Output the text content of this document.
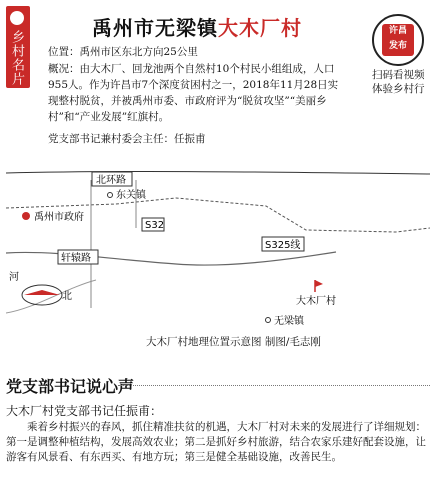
乡村名片
禹州市无梁镇大木厂村

位置：禹州市区东北方向25公里

概况：由大木厂、回龙池两个自然村10个村民小组组成，人口955人。作为许昌市7个深度贫困村之一，2018年11月28日实现整村脱贫，并被禹州市委、市政府评为“脱贫攻坚”“美丽乡村”和“产业发展”红旗村。

党支部书记兼村委会主任：任振甫

许昌
发布
扫码看视频体验乡村行
北环路
东关镇
S32
禹州市政府
S325线
轩辕路
河
北	大木厂村
无梁镇
大木厂村地理位置示意图 制图/毛志刚
党支部书记说心声
大木厂村党支部书记任振甫：

乘着乡村振兴的春风，抓住精准扶贫的机遇，大木厂村对未来的发展进行了详细规划：第一是调整种植结构，发展高效农业；第二是抓好乡村旅游，结合农家乐建好配套设施，让游客有风景看、有东西买、有地方玩；第三是健全基础设施，改善民生。
